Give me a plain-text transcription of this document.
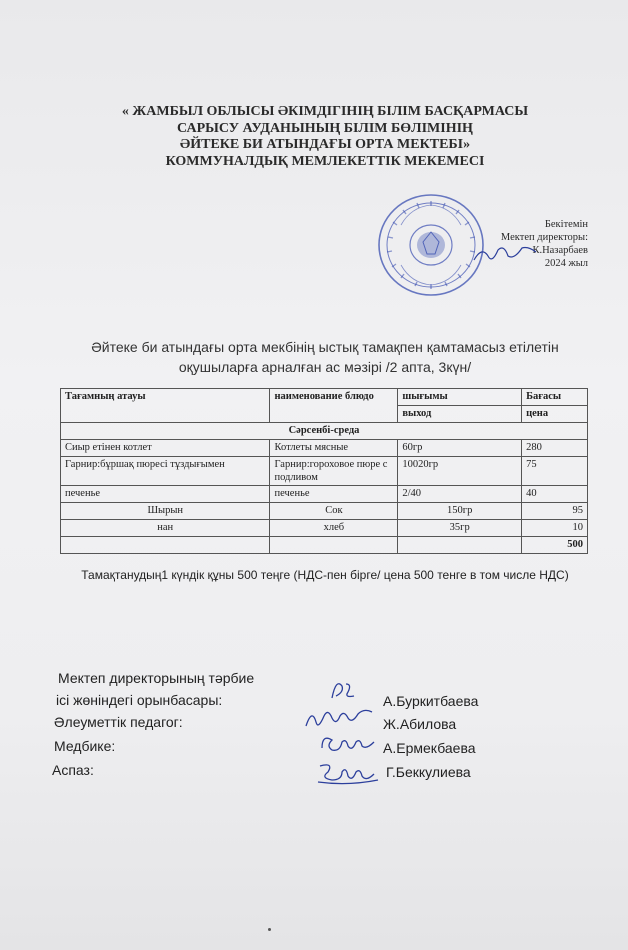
« ЖАМБЫЛ ОБЛЫСЫ ӘКІМДІГІНІҢ БІЛІМ БАСҚАРМАСЫ
САРЫСУ АУДАНЫНЫҢ БІЛІМ БӨЛІМІНІҢ
ӘЙТЕКЕ БИ АТЫНДАҒЫ ОРТА МЕКТЕБІ»
КОММУНАЛДЫҚ МЕМЛЕКЕТТІК МЕКЕМЕСІ
Бекітемін
Мектеп директоры:
К.Назарбаев
2024 жыл
Әйтеке би атындағы орта мекбінің ыстық тамақпен қамтамасыз етілетін
оқушыларға арналған ас мәзірі /2 апта, 3күн/
Тағамның атауы	наименование блюдо	шығымы	Бағасы
		выход	цена
Сәрсенбі-среда			
Сиыр етінен котлет	Котлеты мясные	60гр	280
Гарнир:бұршақ пюресі тұздығымен	Гарнир:гороховое пюре с подливом	10020гр	75
печенье	печенье	2/40	40
Шырын	Сок	150гр	95
нан	хлеб	35гр	10
			500
Тамақтанудың1 күндік құны 500 теңге (НДС-пен бірге/ цена 500 тенге в том числе НДС)
Мектеп директорының тәрбие
ісі жөніндегі орынбасары:	А.Буркитбаева
Әлеуметтік педагог:	Ж.Абилова
Медбике:	А.Ермекбаева
Аспаз:	Г.Беккулиева
